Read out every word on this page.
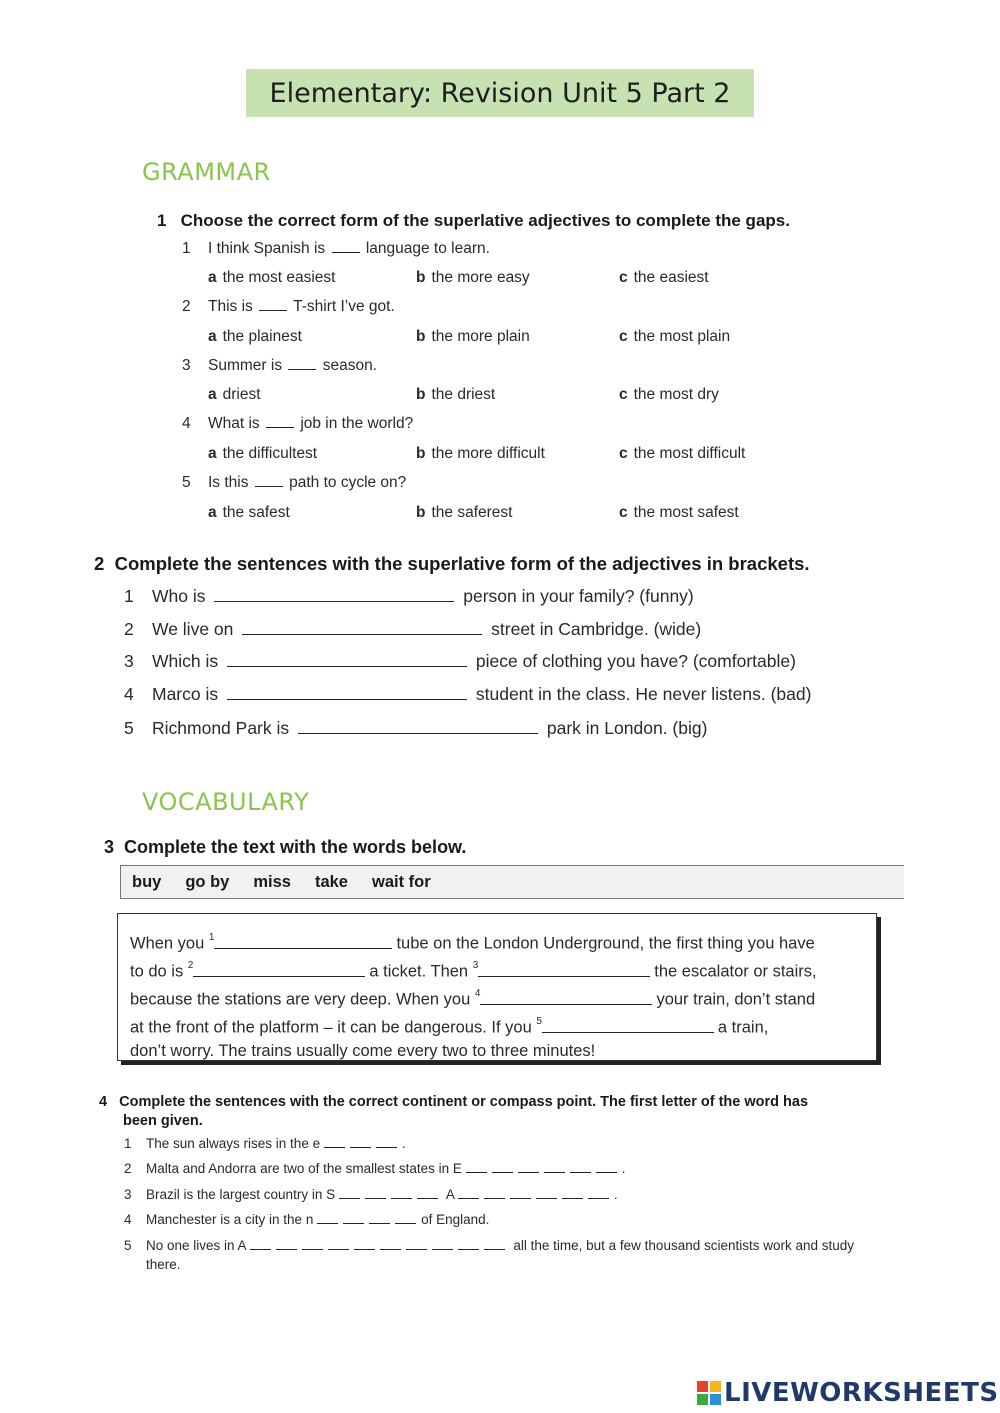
Elementary: Revision Unit 5 Part 2
GRAMMAR
1 Choose the correct form of the superlative adjectives to complete the gaps.
1 I think Spanish is	language to learn.
a the most easiest	b the more easy	c the easiest
2 This is	T-shirt I’ve got.
a the plainest	b the more plain	c the most plain
3 Summer is	season.
a driest	b the driest	c the most dry
4 What is	job in the world?
a the difficultest	b the more difficult	c the most difficult
5 Is this	path to cycle on?
a the safest	b the saferest	c the most safest
2 Complete the sentences with the superlative form of the adjectives in brackets.
1 Who is	person in your family? (funny)
2 We live on	street in Cambridge. (wide)
3 Which is	piece of clothing you have? (comfortable)
4 Marco is	student in the class. He never listens. (bad)
5 Richmond Park is	park in London. (big)
VOCABULARY
3 Complete the text with the words below.
buy go by miss take wait for
When you $^1$	tube on the London Underground, the first thing you have
to do is $^2$	a ticket. Then $^3$	the escalator or stairs,
because the stations are very deep. When you $^4$	your train, don’t stand
at the front of the platform – it can be dangerous. If you $^5$	a train,
don’t worry. The trains usually come every two to three minutes!
4 Complete the sentences with the correct continent or compass point. The first letter of the word has
been given.
1 The sun always rises in the e	.
2 Malta and Andorra are two of the smallest states in E	.
3 Brazil is the largest country in S	A	.
4 Manchester is a city in the n	of England.
5 No one lives in A	all the time, but a few thousand scientists work and study
there.
LIVEWORKSHEETS
